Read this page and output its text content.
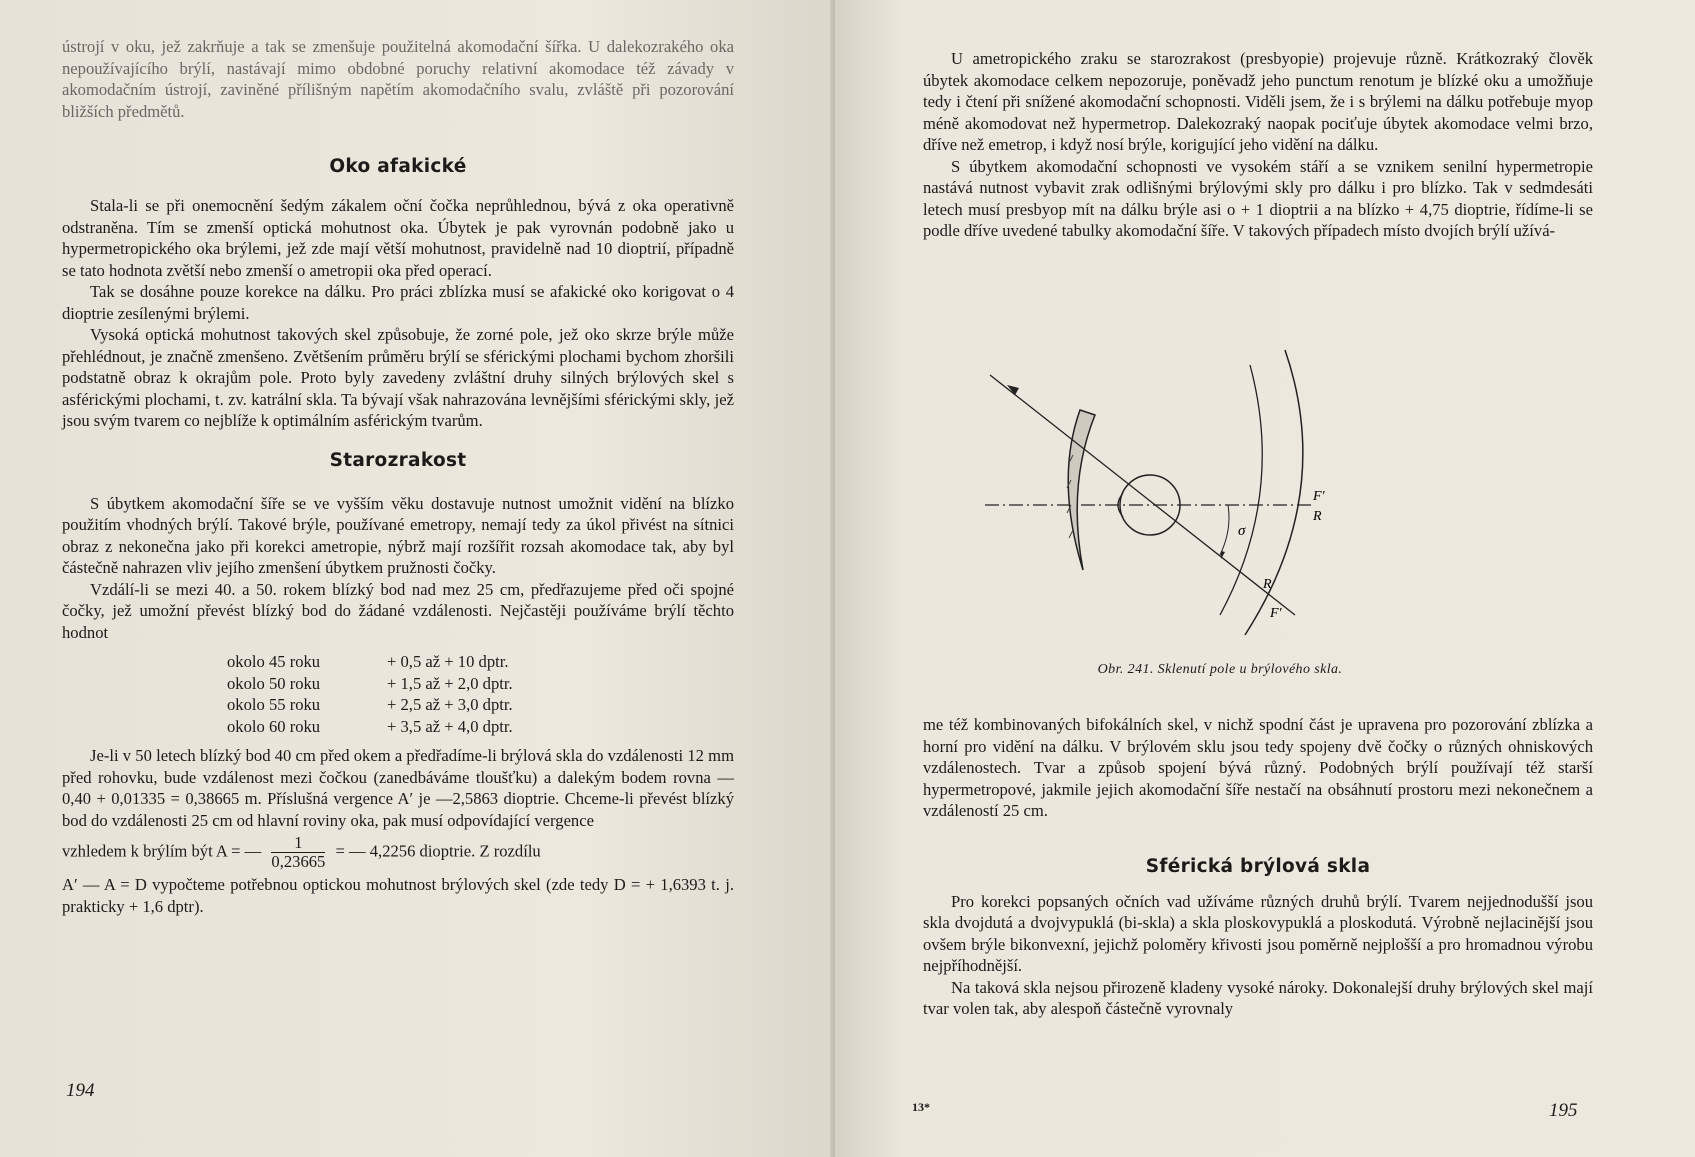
ústrojí v oku, jež zakrňuje a tak se zmenšuje použitelná akomodační šířka. U dalekozrakého oka nepoužívajícího brýlí, nastávají mimo obdobné poruchy relativní akomodace též závady v akomodačním ústrojí, zaviněné přílišným napětím akomodačního svalu, zvláště při pozorování bližších předmětů.

Oko afakické

Stala-li se při onemocnění šedým zákalem oční čočka neprůhlednou, bývá z oka operativně odstraněna. Tím se zmenší optická mohutnost oka. Úbytek je pak vyrovnán podobně jako u hypermetropického oka brýlemi, jež zde mají větší mohutnost, pravidelně nad 10 dioptrií, případně se tato hodnota zvětší nebo zmenší o ametropii oka před operací.

Tak se dosáhne pouze korekce na dálku. Pro práci zblízka musí se afakické oko korigovat o 4 dioptrie zesílenými brýlemi.

Vysoká optická mohutnost takových skel způsobuje, že zorné pole, jež oko skrze brýle může přehlédnout, je značně zmenšeno. Zvětšením průměru brýlí se sférickými plochami bychom zhoršili podstatně obraz k okrajům pole. Proto byly zavedeny zvláštní druhy silných brýlových skel s asférickými plochami, t. zv. katrální skla. Ta bývají však nahrazována levnějšími sférickými skly, jež jsou svým tvarem co nejblíže k optimálním asférickým tvarům.

Starozrakost

S úbytkem akomodační šíře se ve vyšším věku dostavuje nutnost umožnit vidění na blízko použitím vhodných brýlí. Takové brýle, používané emetropy, nemají tedy za úkol přivést na sítnici obraz z nekonečna jako při korekci ametropie, nýbrž mají rozšířit rozsah akomodace tak, aby byl částečně nahrazen vliv jejího zmenšení úbytkem pružnosti čočky.

Vzdálí-li se mezi 40. a 50. rokem blízký bod nad mez 25 cm, předřazujeme před oči spojné čočky, jež umožní převést blízký bod do žádané vzdálenosti. Nejčastěji používáme brýlí těchto hodnot

okolo 45 roku	+ 0,5 až + 10 dptr.
okolo 50 roku	+ 1,5 až + 2,0 dptr.
okolo 55 roku	+ 2,5 až + 3,0 dptr.
okolo 60 roku	+ 3,5 až + 4,0 dptr.

Je-li v 50 letech blízký bod 40 cm před okem a předřadíme-li brýlová skla do vzdálenosti 12 mm před rohovku, bude vzdálenost mezi čočkou (zanedbáváme tloušťku) a dalekým bodem rovna — 0,40 + 0,01335 = 0,38665 m. Příslušná vergence A′ je —2,5863 dioptrie. Chceme-li převést blízký bod do vzdálenosti 25 cm od hlavní roviny oka, pak musí odpovídající vergence

vzhledem k brýlím být A = — $\frac{1}{0,23665}$ = — 4,2256 dioptrie. Z rozdílu

A′ — A = D vypočteme potřebnou optickou mohutnost brýlových skel (zde tedy D = + 1,6393 t. j. prakticky + 1,6 dptr).

194

U ametropického zraku se starozrakost (presbyopie) projevuje různě. Krátkozraký člověk úbytek akomodace celkem nepozoruje, poněvadž jeho punctum renotum je blízké oku a umožňuje tedy i čtení při snížené akomodační schopnosti. Viděli jsem, že i s brýlemi na dálku potřebuje myop méně akomodovat než hypermetrop. Dalekozraký naopak pociťuje úbytek akomodace velmi brzo, dříve než emetrop, i když nosí brýle, korigující jeho vidění na dálku.

S úbytkem akomodační schopnosti ve vysokém stáří a se vznikem senilní hypermetropie nastává nutnost vybavit zrak odlišnými brýlovými skly pro dálku i pro blízko. Tak v sedmdesáti letech musí presbyop mít na dálku brýle asi o + 1 dioptrii a na blízko + 4,75 dioptrie, řídíme-li se podle dříve uvedené tabulky akomodační šíře. V takových případech místo dvojích brýlí užívá-

F′
R
σ
R
F′
Obr. 241. Sklenutí pole u brýlového skla.

me též kombinovaných bifokálních skel, v nichž spodní část je upravena pro pozorování zblízka a horní pro vidění na dálku. V brýlovém sklu jsou tedy spojeny dvě čočky o různých ohniskových vzdálenostech. Tvar a způsob spojení bývá různý. Podobných brýlí používají též starší hypermetropové, jakmile jejich akomodační šíře nestačí na obsáhnutí prostoru mezi nekonečnem a vzdáleností 25 cm.

Sférická brýlová skla

Pro korekci popsaných očních vad užíváme různých druhů brýlí. Tvarem nejjednodušší jsou skla dvojdutá a dvojvypuklá (bi-skla) a skla ploskovypuklá a ploskodutá. Výrobně nejlacinější jsou ovšem brýle bikonvexní, jejichž poloměry křivosti jsou poměrně nejplošší a pro hromadnou výrobu nejpříhodnější.

Na taková skla nejsou přirozeně kladeny vysoké nároky. Dokonalejší druhy brýlových skel mají tvar volen tak, aby alespoň částečně vyrovnaly

13*	195
